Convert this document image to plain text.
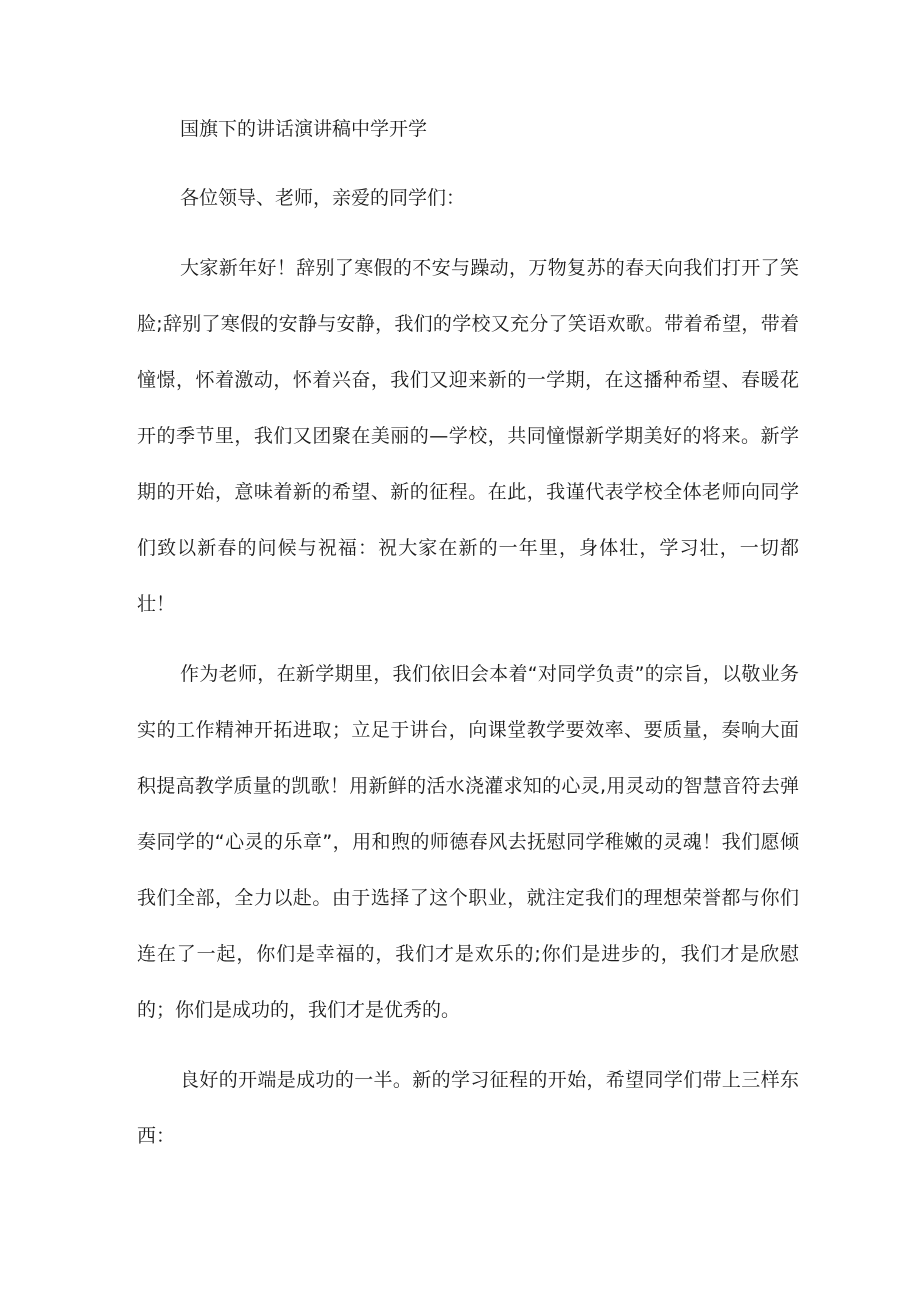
国旗下的讲话演讲稿中学开学
各位领导、老师，亲爱的同学们：

大家新年好！辞别了寒假的不安与躁动，万物复苏的春天向我们打开了笑脸;辞别了寒假的安静与安静，我们的学校又充分了笑语欢歌。带着希望，带着憧憬，怀着激动，怀着兴奋，我们又迎来新的一学期，在这播种希望、春暖花开的季节里，我们又团聚在美丽的—学校，共同憧憬新学期美好的将来。新学期的开始，意味着新的希望、新的征程。在此，我谨代表学校全体老师向同学们致以新春的问候与祝福：祝大家在新的一年里，身体壮，学习壮，一切都壮！

作为老师，在新学期里，我们依旧会本着“对同学负责”的宗旨，以敬业务实的工作精神开拓进取；立足于讲台，向课堂教学要效率、要质量，奏响大面积提高教学质量的凯歌！用新鲜的活水浇灌求知的心灵,用灵动的智慧音符去弹奏同学的“心灵的乐章”，用和煦的师德春风去抚慰同学稚嫩的灵魂！我们愿倾我们全部，全力以赴。由于选择了这个职业，就注定我们的理想荣誉都与你们连在了一起，你们是幸福的，我们才是欢乐的;你们是进步的，我们才是欣慰的；你们是成功的，我们才是优秀的。

良好的开端是成功的一半。新的学习征程的开始，希望同学们带上三样东西：
